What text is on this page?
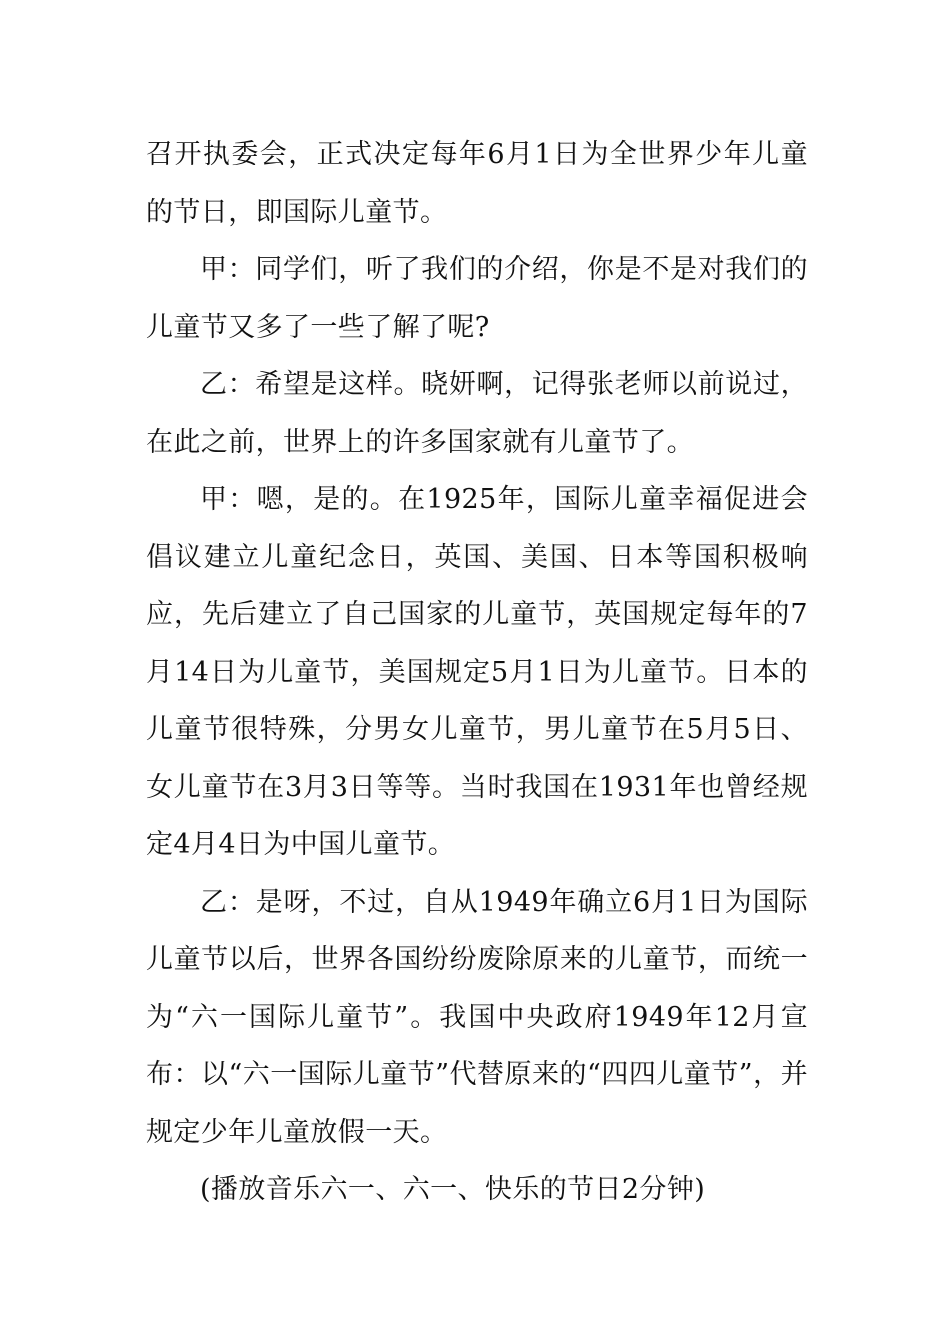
召开执委会，正式决定每年6月1日为全世界少年儿童的节日，即国际儿童节。

甲：同学们，听了我们的介绍，你是不是对我们的儿童节又多了一些了解了呢?

乙：希望是这样。晓妍啊，记得张老师以前说过，在此之前，世界上的许多国家就有儿童节了。

甲：嗯，是的。在1925年，国际儿童幸福促进会倡议建立儿童纪念日，英国、美国、日本等国积极响应，先后建立了自己国家的儿童节，英国规定每年的7月14日为儿童节，美国规定5月1日为儿童节。日本的儿童节很特殊，分男女儿童节，男儿童节在5月5日、女儿童节在3月3日等等。当时我国在1931年也曾经规定4月4日为中国儿童节。

乙：是呀，不过，自从1949年确立6月1日为国际儿童节以后，世界各国纷纷废除原来的儿童节，而统一为“六一国际儿童节”。我国中央政府1949年12月宣布：以“六一国际儿童节”代替原来的“四四儿童节”，并规定少年儿童放假一天。

(播放音乐六一、六一、快乐的节日2分钟)
